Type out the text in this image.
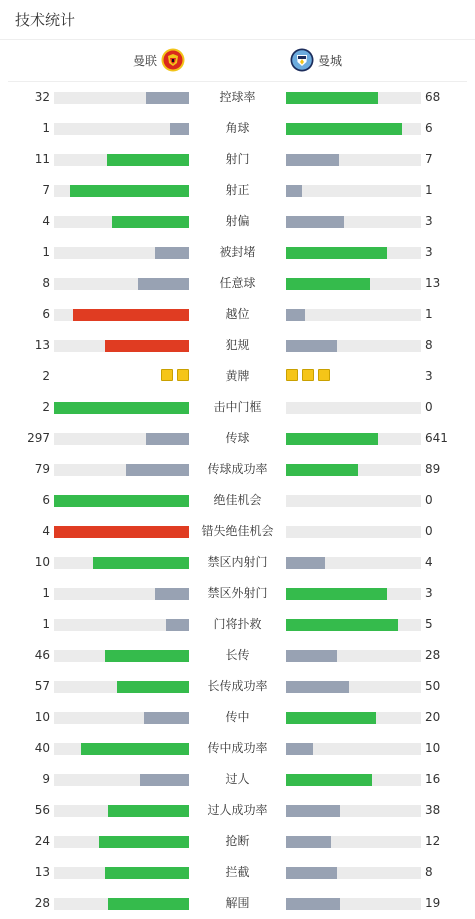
技术统计
曼联	曼城
32	控球率	68
1	角球	6
11	射门	7
7	射正	1
4	射偏	3
1	被封堵	3
8	任意球	13
6	越位	1
13	犯规	8
2	黄牌	3
2	击中门框	0
297	传球	641
79	传球成功率	89
6	绝佳机会	0
4	错失绝佳机会	0
10	禁区内射门	4
1	禁区外射门	3
1	门将扑救	5
46	长传	28
57	长传成功率	50
10	传中	20
40	传中成功率	10
9	过人	16
56	过人成功率	38
24	抢断	12
13	拦截	8
28	解围	19
